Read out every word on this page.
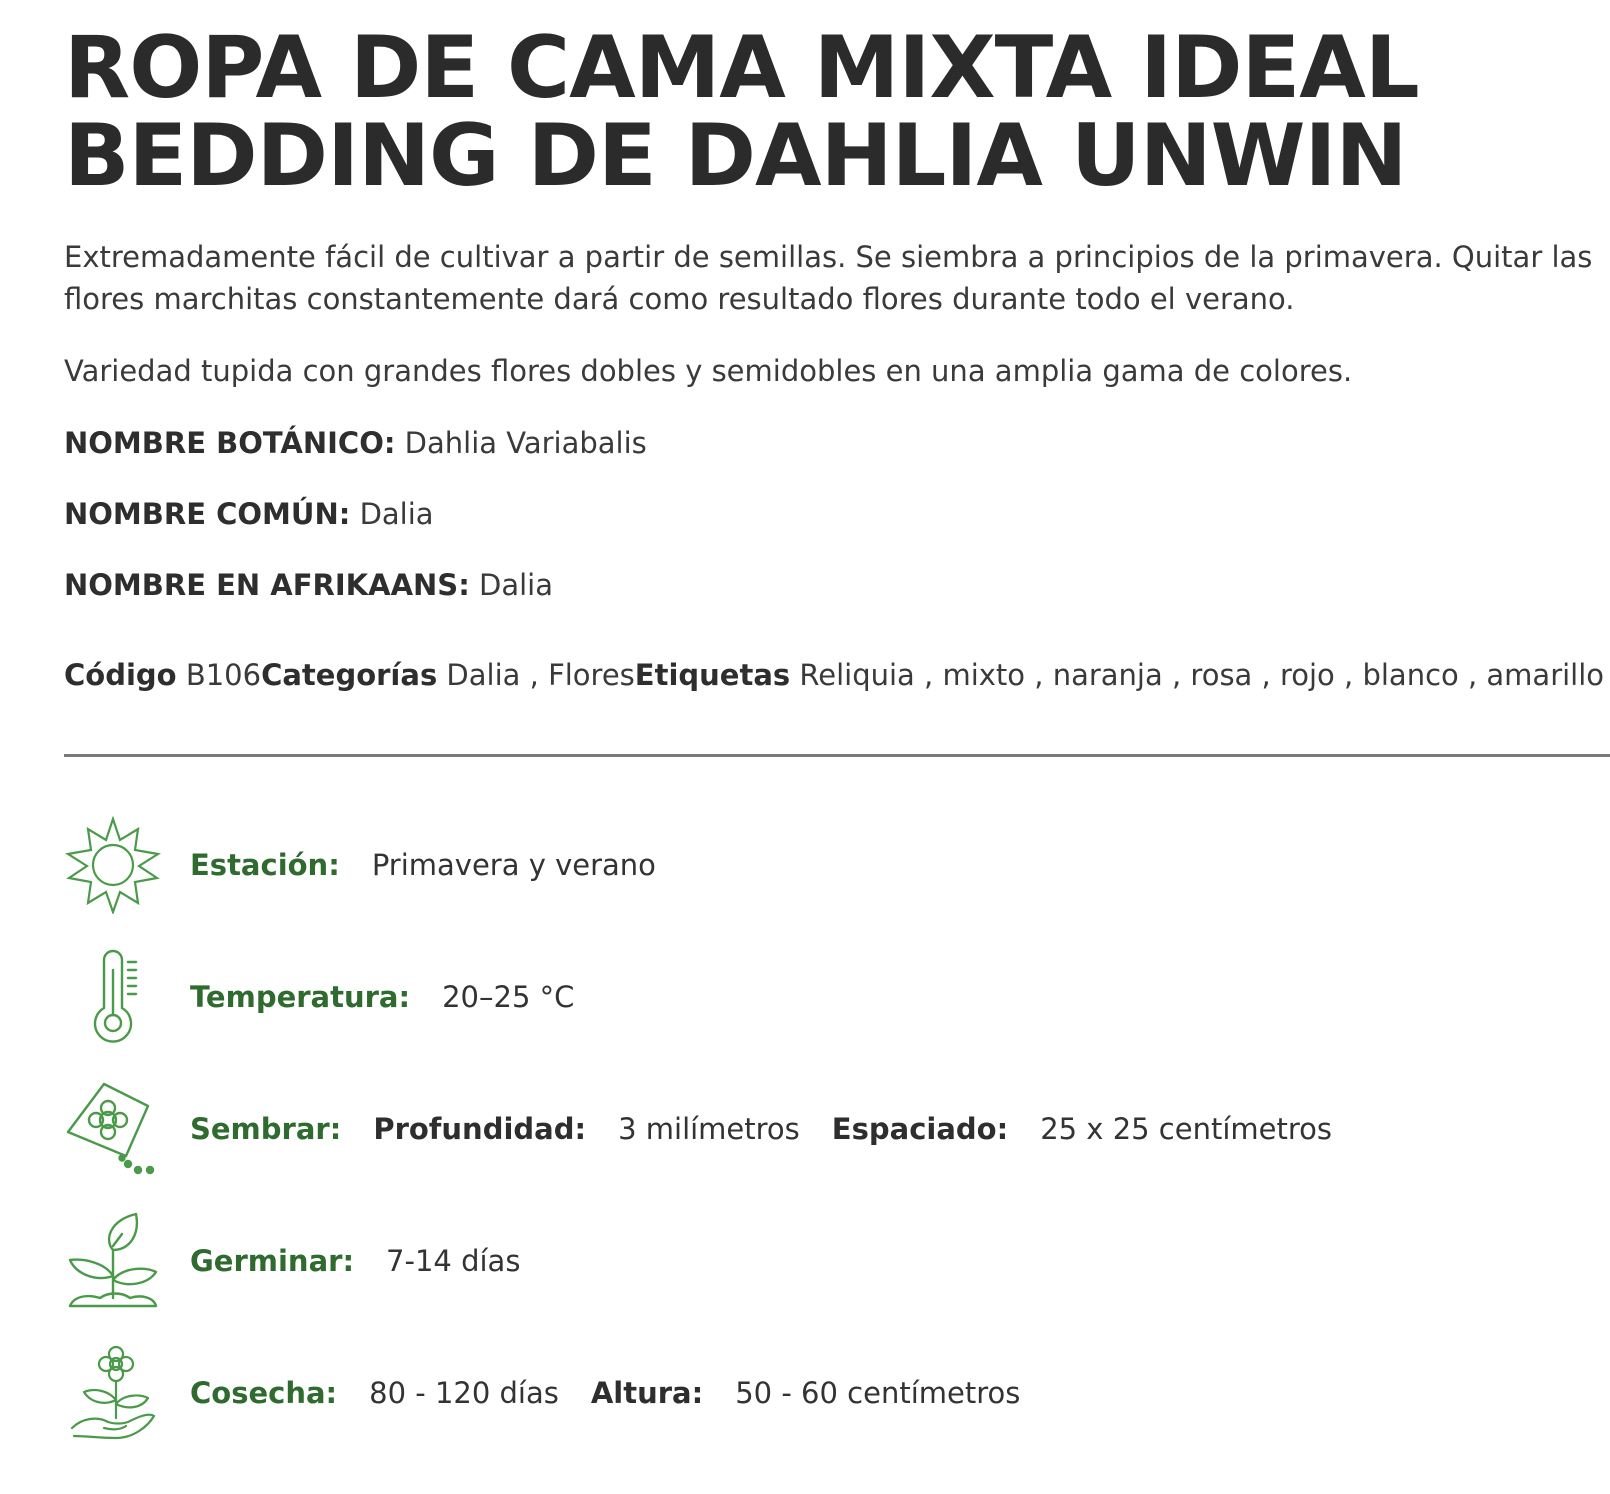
ROPA DE CAMA MIXTA IDEAL
BEDDING DE DAHLIA UNWIN

Extremadamente fácil de cultivar a partir de semillas. Se siembra a principios de la primavera. Quitar las flores marchitas constantemente dará como resultado flores durante todo el verano.

Variedad tupida con grandes flores dobles y semidobles en una amplia gama de colores.

NOMBRE BOTÁNICO: Dahlia Variabalis

NOMBRE COMÚN: Dalia

NOMBRE EN AFRIKAANS: Dalia

Código B106Categorías Dalia , FloresEtiquetas Reliquia , mixto , naranja , rosa , rojo , blanco , amarillo
Estación: Primavera y verano
Temperatura: 20–25 °C
Sembrar: Profundidad: 3 milímetros Espaciado: 25 x 25 centímetros
Germinar: 7-14 días
Cosecha: 80 - 120 días Altura: 50 - 60 centímetros
